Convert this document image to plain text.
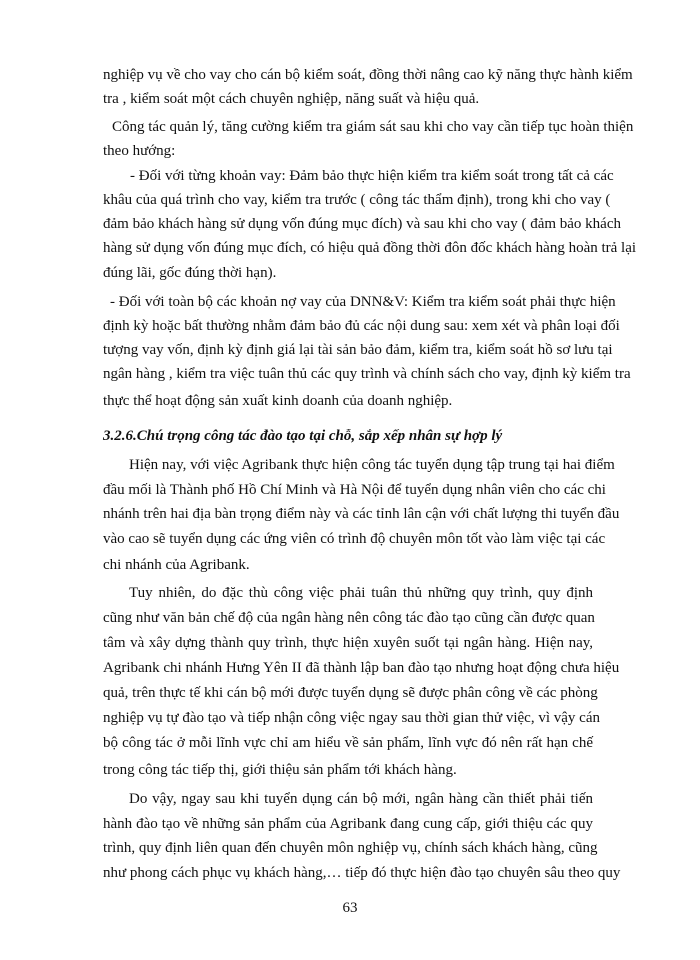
nghiệp vụ về cho vay cho cán bộ kiểm soát, đồng thời nâng cao kỹ năng thực hành kiểm
tra , kiểm soát một cách chuyên nghiệp, năng suất và hiệu quả.
Công tác quản lý, tăng cường kiểm tra giám sát sau khi cho vay cần tiếp tục hoàn thiện
theo hướng:
- Đối với từng khoản vay: Đảm bảo thực hiện kiểm tra kiểm soát trong tất cả các
khâu của quá trình cho vay, kiểm tra trước ( công tác thẩm định), trong khi cho vay (
đảm bảo khách hàng sử dụng vốn đúng mục đích) và sau khi cho vay ( đảm bảo khách
hàng sử dụng vốn đúng mục đích, có hiệu quả đồng thời đôn đốc khách hàng hoàn trả lại
đúng lãi, gốc đúng thời hạn).
- Đối với toàn bộ các khoản nợ vay của DNN&V: Kiểm tra kiểm soát phải thực hiện
định kỳ hoặc bất thường nhằm đảm bảo đủ các nội dung sau: xem xét và phân loại đối
tượng vay vốn, định kỳ định giá lại tài sản bảo đảm, kiểm tra, kiểm soát hồ sơ lưu tại
ngân hàng , kiểm tra việc tuân thủ các quy trình và chính sách cho vay, định kỳ kiểm tra
thực thể hoạt động sản xuất kinh doanh của doanh nghiệp.
3.2.6.Chú trọng công tác đào tạo tại chỗ, sắp xếp nhân sự hợp lý
Hiện nay, với việc Agribank thực hiện công tác tuyển dụng tập trung tại hai điểm
đầu mối là Thành phố Hồ Chí Minh và Hà Nội để tuyển dụng nhân viên cho các chi
nhánh trên hai địa bàn trọng điểm này và các tỉnh lân cận với chất lượng thi tuyển đầu
vào cao sẽ tuyển dụng các ứng viên có trình độ chuyên môn tốt vào làm việc tại các
chi nhánh của Agribank.
Tuy nhiên, do đặc thù công việc phải tuân thủ những quy trình, quy định
cũng như văn bản chế độ của ngân hàng nên công tác đào tạo cũng cần được quan
tâm và xây dựng thành quy trình, thực hiện xuyên suốt tại ngân hàng. Hiện nay,
Agribank chi nhánh Hưng Yên II đã thành lập ban đào tạo nhưng hoạt động chưa hiệu
quả, trên thực tế khi cán bộ mới được tuyển dụng sẽ được phân công về các phòng
nghiệp vụ tự đào tạo và tiếp nhận công việc ngay sau thời gian thử việc, vì vậy cán
bộ công tác ở mỗi lĩnh vực chỉ am hiểu về sản phẩm, lĩnh vực đó nên rất hạn chế
trong công tác tiếp thị, giới thiệu sản phẩm tới khách hàng.
Do vậy, ngay sau khi tuyển dụng cán bộ mới, ngân hàng cần thiết phải tiến
hành đào tạo về những sản phẩm của Agribank đang cung cấp, giới thiệu các quy
trình, quy định liên quan đến chuyên môn nghiệp vụ, chính sách khách hàng, cũng
như phong cách phục vụ khách hàng,… tiếp đó thực hiện đào tạo chuyên sâu theo quy
63
